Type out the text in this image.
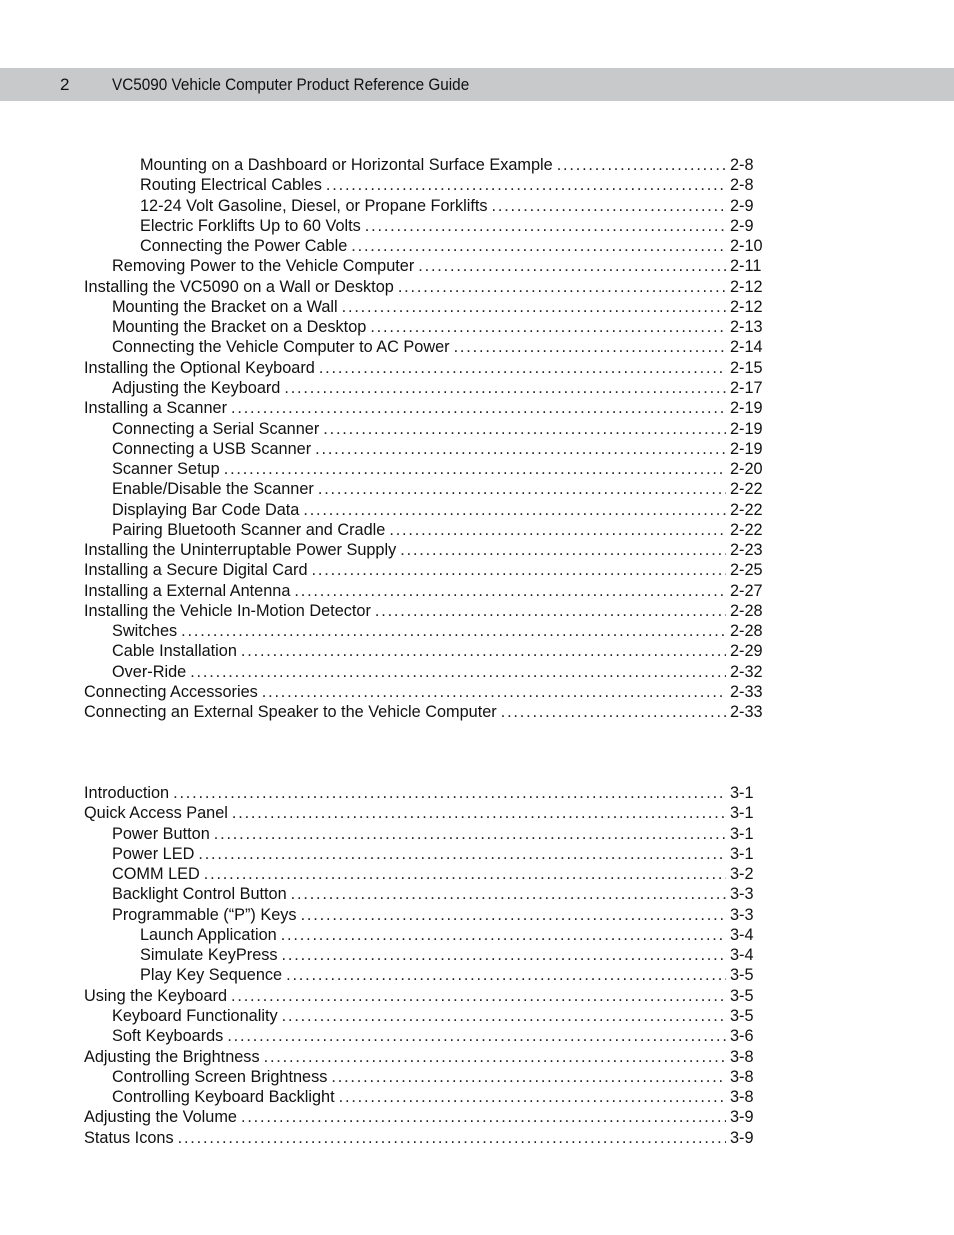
2	VC5090 Vehicle Computer Product Reference Guide
Mounting on a Dashboard or Horizontal Surface Example . . .	2-8
Routing Electrical Cables . . .	2-8
12-24 Volt Gasoline, Diesel, or Propane Forklifts . . .	2-9
Electric Forklifts Up to 60 Volts . . .	2-9
Connecting the Power Cable . . .	2-10
Removing Power to the Vehicle Computer . . .	2-11
Installing the VC5090 on a Wall or Desktop . . .	2-12
Mounting the Bracket on a Wall . . .	2-12
Mounting the Bracket on a Desktop . . .	2-13
Connecting the Vehicle Computer to AC Power . . .	2-14
Installing the Optional Keyboard . . .	2-15
Adjusting the Keyboard . . .	2-17
Installing a Scanner . . .	2-19
Connecting a Serial Scanner . . .	2-19
Connecting a USB Scanner . . .	2-19
Scanner Setup . . .	2-20
Enable/Disable the Scanner . . .	2-22
Displaying Bar Code Data . . .	2-22
Pairing Bluetooth Scanner and Cradle . . .	2-22
Installing the Uninterruptable Power Supply . . .	2-23
Installing a Secure Digital Card . . .	2-25
Installing a External Antenna . . .	2-27
Installing the Vehicle In-Motion Detector . . .	2-28
Switches . . .	2-28
Cable Installation . . .	2-29
Over-Ride . . .	2-32
Connecting Accessories . . .	2-33
Connecting an External Speaker to the Vehicle Computer . . .	2-33
Introduction . . .	3-1
Quick Access Panel . . .	3-1
Power Button . . .	3-1
Power LED . . .	3-1
COMM LED . . .	3-2
Backlight Control Button . . .	3-3
Programmable (“P”) Keys . . .	3-3
Launch Application . . .	3-4
Simulate KeyPress . . .	3-4
Play Key Sequence . . .	3-5
Using the Keyboard . . .	3-5
Keyboard Functionality . . .	3-5
Soft Keyboards . . .	3-6
Adjusting the Brightness . . .	3-8
Controlling Screen Brightness . . .	3-8
Controlling Keyboard Backlight . . .	3-8
Adjusting the Volume . . .	3-9
Status Icons . . .	3-9
